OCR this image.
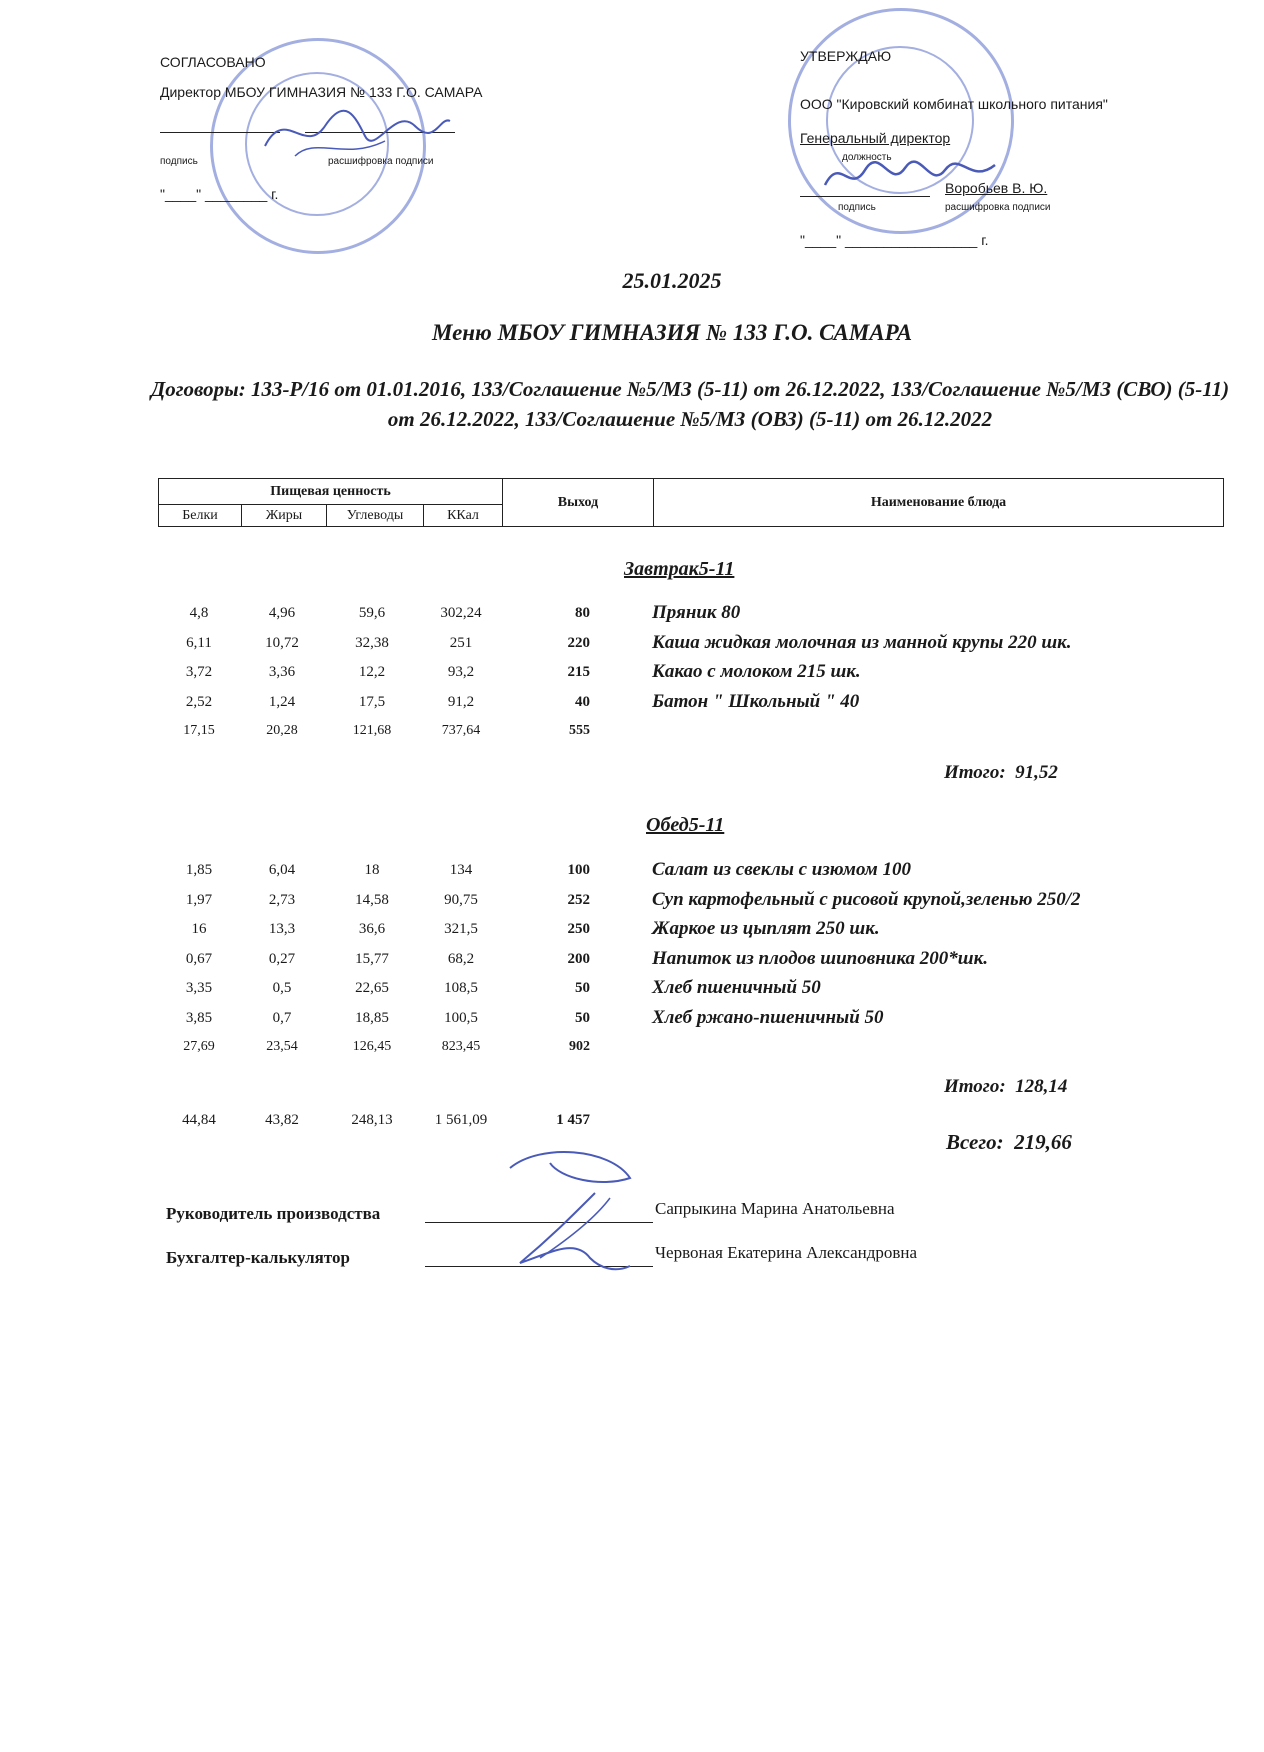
СОГЛАСОВАНО
Директор МБОУ ГИМНАЗИЯ № 133 Г.О. САМАРА
подпись	расшифровка подписи
"____" ________ г.
УТВЕРЖДАЮ
ООО "Кировский комбинат школьного питания"
Генеральный директор
должность
Воробьев В. Ю.
подпись	расшифровка подписи
"____" _________________ г.
25.01.2025
Меню МБОУ ГИМНАЗИЯ № 133 Г.О. САМАРА
Договоры: 133-Р/16 от 01.01.2016, 133/Соглашение №5/МЗ (5-11) от 26.12.2022, 133/Соглашение №5/МЗ (СВО) (5-11) от 26.12.2022, 133/Соглашение №5/МЗ (ОВЗ) (5-11) от 26.12.2022
Пищевая ценность				Выход	Наименование блюда
Белки	Жиры	Углеводы	ККал		
Завтрак5-11
4,8	4,96	59,6	302,24	80	Пряник 80
6,11	10,72	32,38	251	220	Каша жидкая молочная из манной крупы 220 шк.
3,72	3,36	12,2	93,2	215	Какао с молоком 215 шк.
2,52	1,24	17,5	91,2	40	Батон " Школьный " 40
17,15	20,28	121,68	737,64	555
Итого: 91,52
Обед5-11
1,85	6,04	18	134	100	Салат из свеклы с изюмом 100
1,97	2,73	14,58	90,75	252	Суп картофельный с рисовой крупой,зеленью 250/2
16	13,3	36,6	321,5	250	Жаркое из цыплят 250 шк.
0,67	0,27	15,77	68,2	200	Напиток из плодов шиповника 200*шк.
3,35	0,5	22,65	108,5	50	Хлеб пшеничный 50
3,85	0,7	18,85	100,5	50	Хлеб ржано-пшеничный 50
27,69	23,54	126,45	823,45	902
Итого: 128,14
44,84	43,82	248,13	1 561,09	1 457
Всего: 219,66
Руководитель производства	Сапрыкина Марина Анатольевна
Бухгалтер-калькулятор	Червоная Екатерина Александровна
